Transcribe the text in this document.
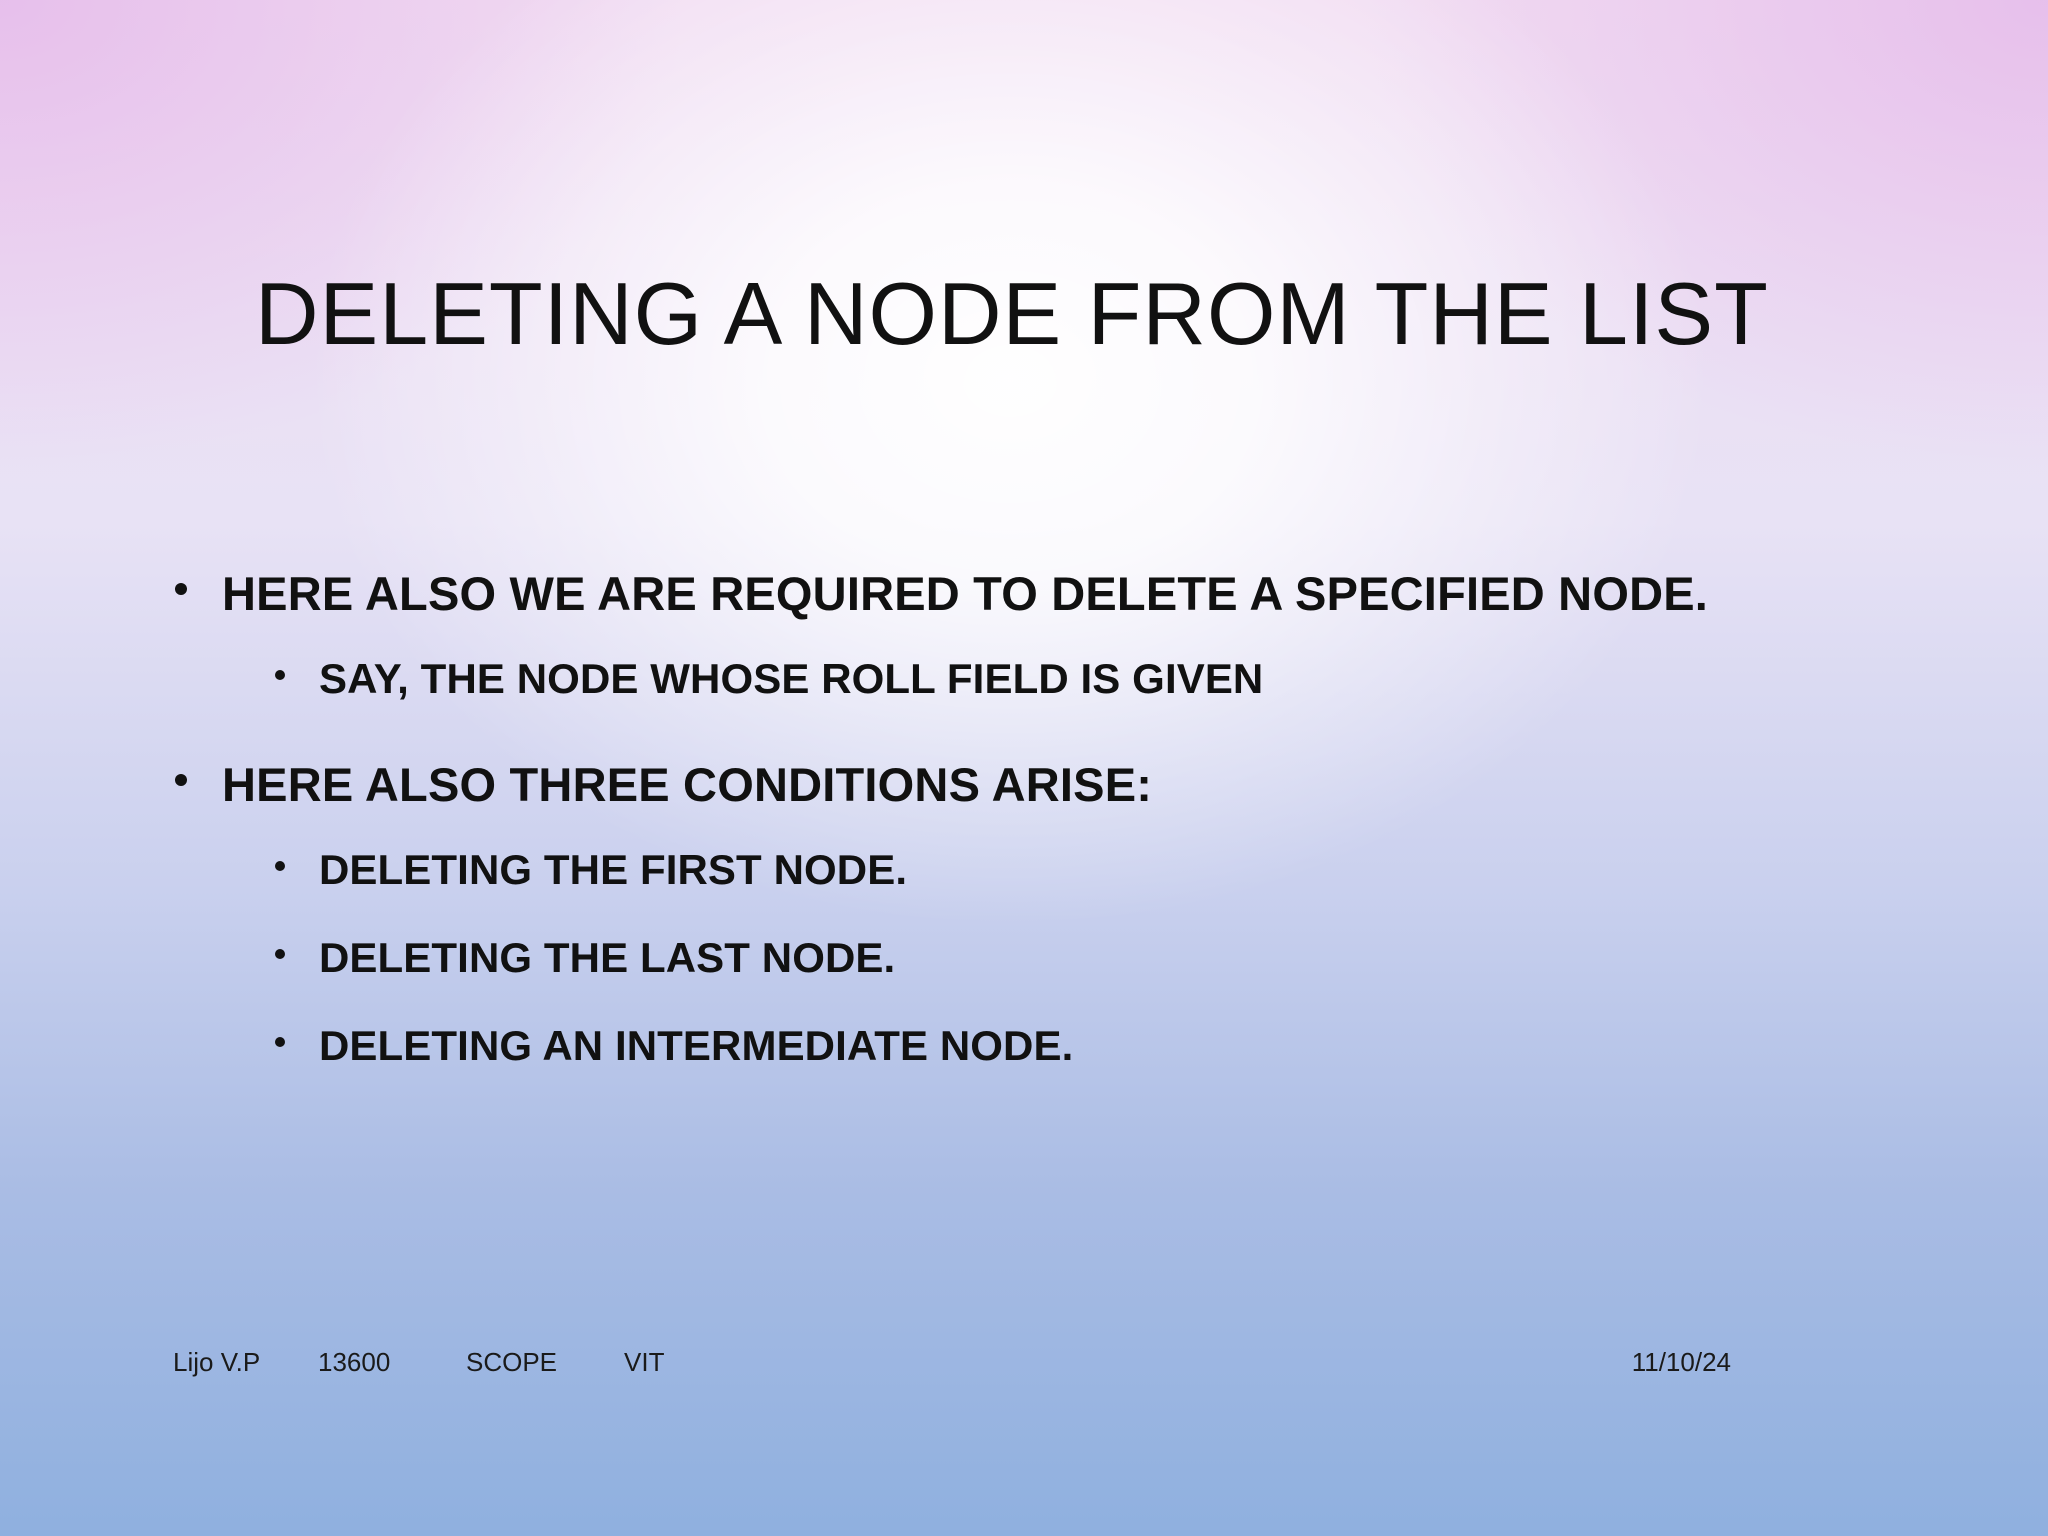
DELETING A NODE FROM THE LIST
HERE ALSO WE ARE REQUIRED TO DELETE A SPECIFIED NODE.
SAY, THE NODE WHOSE ROLL FIELD IS GIVEN
HERE ALSO THREE CONDITIONS ARISE:
DELETING THE FIRST NODE.
DELETING THE LAST NODE.
DELETING AN INTERMEDIATE NODE.
Lijo V.P	13600	SCOPE	VIT	11/10/24
